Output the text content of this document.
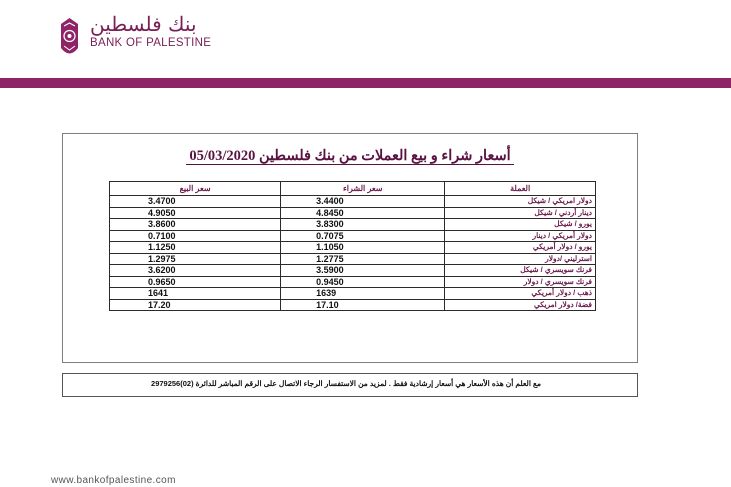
بنك فلسطين
BANK OF PALESTINE
أسعار شراء و بيع العملات من بنك فلسطين 05/03/2020
سعر البيع	سعر الشراء	العملة
3.4700	3.4400	دولار امريكي / شيكل
4.9050	4.8450	دينار أردني / شيكل
3.8600	3.8300	يورو / شيكل
0.7100	0.7075	دولار أمريكي / دينار
1.1250	1.1050	يورو / دولار أمريكي
1.2975	1.2775	استرليني /دولار
3.6200	3.5900	فرنك سويسري / شيكل
0.9650	0.9450	فرنك سويسري / دولار
1641	1639	ذهب / دولار أمريكي
17.20	17.10	فضة/ دولار امريكي
مع العلم أن هذه الأسعار هي أسعار إرشادية فقط . لمزيد من الاستفسار الرجاء الاتصال على الرقم المباشر للدائرة (02)2979256
www.bankofpalestine.com
